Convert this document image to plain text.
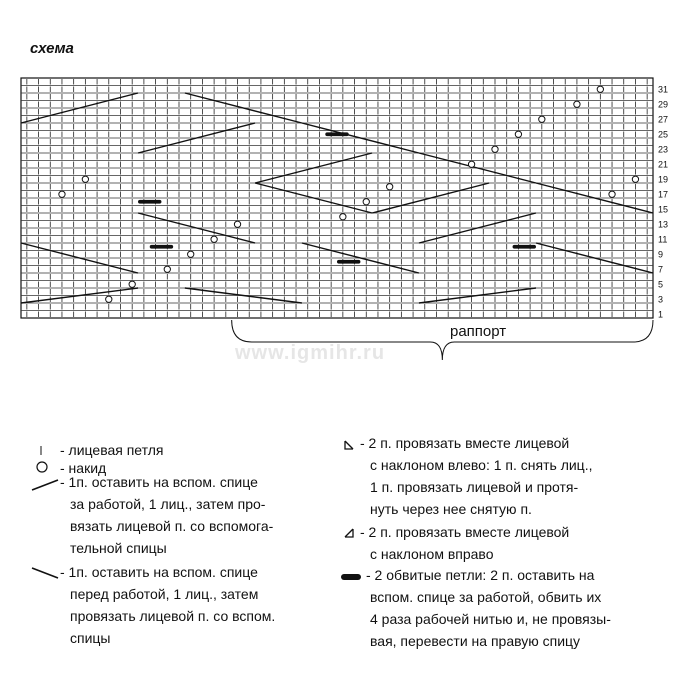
схема
1
3
5
7
9
11
13
15
17
19
21
23
25
27
29
31
раппорт
www.igmihr.ru
- лицевая петля
- накид
- 1п. оставить на вспом. спице
за работой, 1 лиц., затем про-
вязать лицевой п. со вспомога-
тельной спицы
- 1п. оставить на вспом. спице
перед работой, 1 лиц., затем
провязать лицевой п. со вспом.
спицы
- 2 п. провязать вместе лицевой
с наклоном влево: 1 п. снять лиц.,
1 п. провязать лицевой и протя-
нуть через нее снятую п.
- 2 п. провязать вместе лицевой
с наклоном вправо
- 2 обвитые петли: 2 п. оставить на
вспом. спице за работой, обвить их
4 раза рабочей нитью и, не провязы-
вая, перевести на правую спицу
